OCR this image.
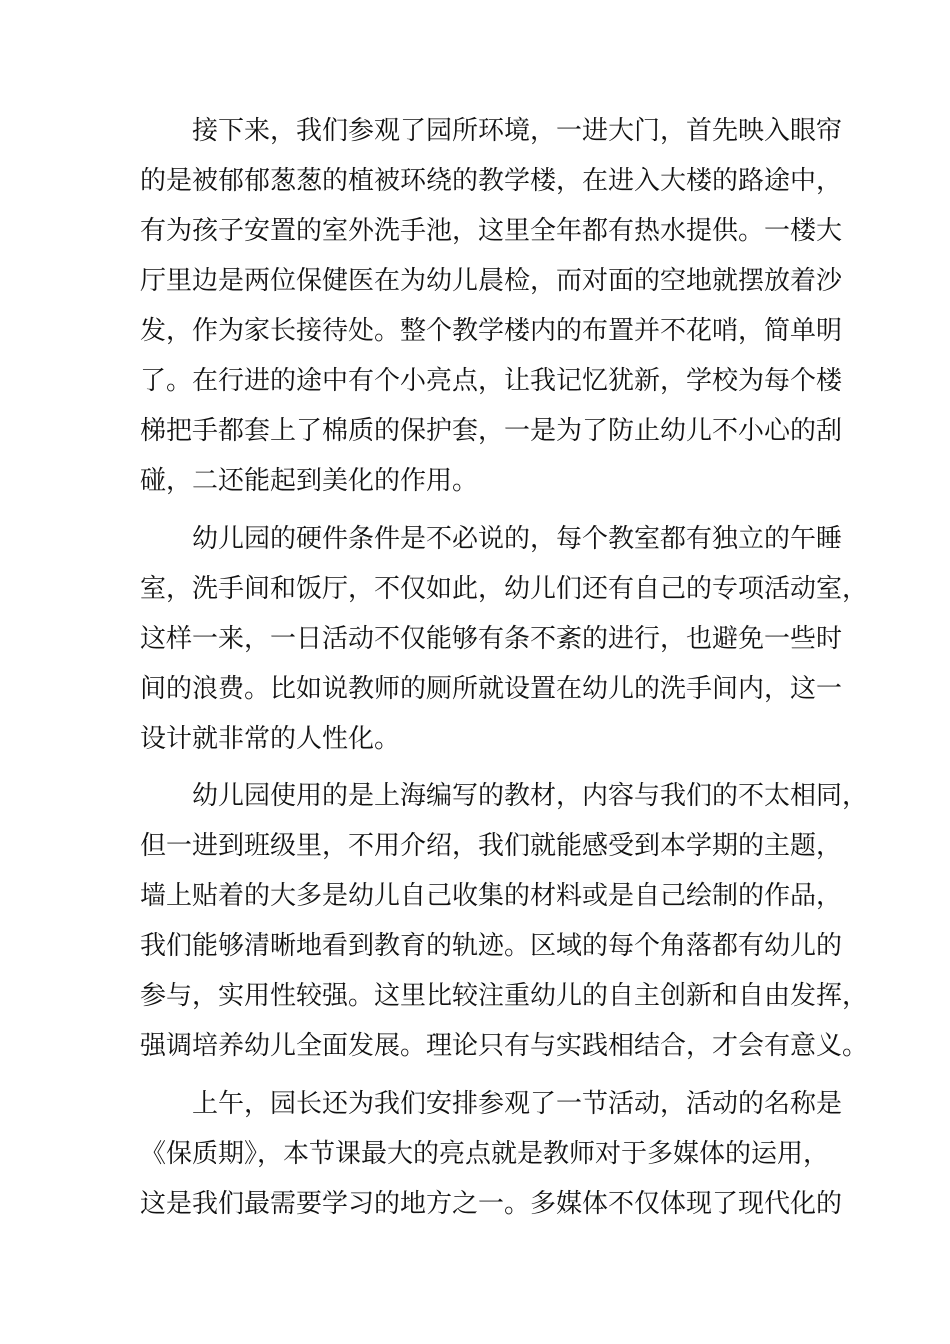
接下来，我们参观了园所环境，一进大门，首先映入眼帘
的是被郁郁葱葱的植被环绕的教学楼，在进入大楼的路途中，
有为孩子安置的室外洗手池，这里全年都有热水提供。一楼大
厅里边是两位保健医在为幼儿晨检，而对面的空地就摆放着沙
发，作为家长接待处。整个教学楼内的布置并不花哨，简单明
了。在行进的途中有个小亮点，让我记忆犹新，学校为每个楼
梯把手都套上了棉质的保护套，一是为了防止幼儿不小心的刮
碰，二还能起到美化的作用。
幼儿园的硬件条件是不必说的，每个教室都有独立的午睡
室，洗手间和饭厅，不仅如此，幼儿们还有自己的专项活动室，
这样一来，一日活动不仅能够有条不紊的进行，也避免一些时
间的浪费。比如说教师的厕所就设置在幼儿的洗手间内，这一
设计就非常的人性化。
幼儿园使用的是上海编写的教材，内容与我们的不太相同，
但一进到班级里，不用介绍，我们就能感受到本学期的主题，
墙上贴着的大多是幼儿自己收集的材料或是自己绘制的作品，
我们能够清晰地看到教育的轨迹。区域的每个角落都有幼儿的
参与，实用性较强。这里比较注重幼儿的自主创新和自由发挥，
强调培养幼儿全面发展。理论只有与实践相结合，才会有意义。
上午，园长还为我们安排参观了一节活动，活动的名称是
《保质期》，本节课最大的亮点就是教师对于多媒体的运用，
这是我们最需要学习的地方之一。多媒体不仅体现了现代化的
